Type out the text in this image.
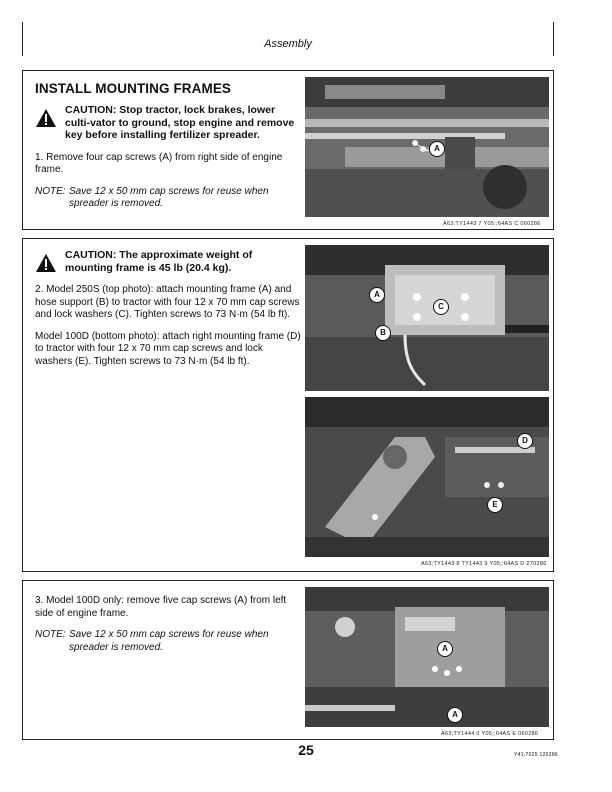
Assembly
INSTALL MOUNTING FRAMES
CAUTION: Stop tractor, lock brakes, lower culti-vator to ground, stop engine and remove key before installing fertilizer spreader.
1. Remove four cap screws (A) from right side of engine frame.
NOTE: Save 12 x 50 mm cap screws for reuse when spreader is removed.
A
A63;TY1443 7 Y05;;64AS C 060286
CAUTION: The approximate weight of mounting frame is 45 lb (20.4 kg).
2. Model 250S (top photo): attach mounting frame (A) and hose support (B) to tractor with four 12 x 70 mm cap screws and lock washers (C). Tighten screws to 73 N·m (54 lb ft).
Model 100D (bottom photo): attach right mounting frame (D) to tractor with four 12 x 70 mm cap screws and lock washers (E). Tighten screws to 73 N·m (54 lb ft).
A
B
C
D
E
A63;TY1443 8 TY1443 9 Y05;;64AS D 270286
3. Model 100D only: remove five cap screws (A) from left side of engine frame.
NOTE: Save 12 x 50 mm cap screws for reuse when spreader is removed.	A
A
A63;TY1444 0 Y05;;64AS E 060286
25	Y41;7025 120286
